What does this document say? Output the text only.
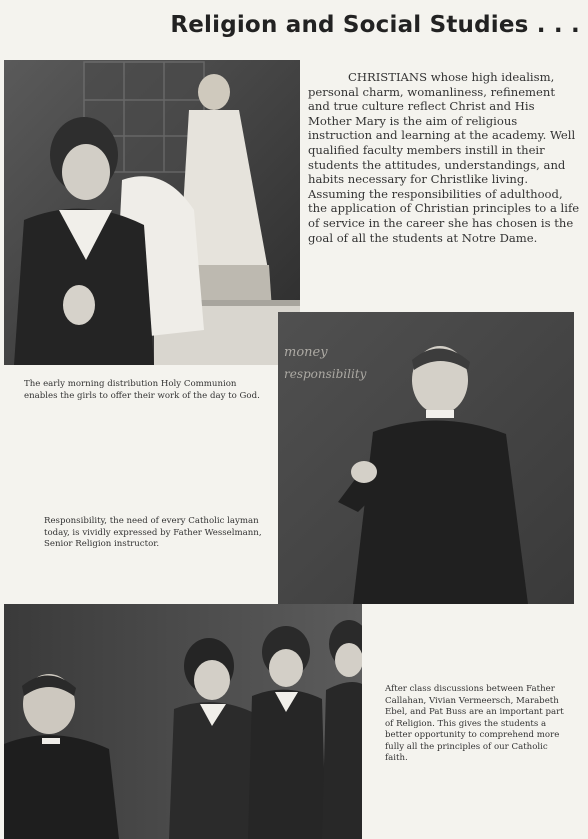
Religion and Social Studies . . .
CHRISTIANS whose high idealism, personal charm, womanliness, refinement and true culture reflect Christ and His Mother Mary is the aim of religious instruction and learning at the academy. Well qualified faculty members instill in their students the attitudes, understandings, and habits necessary for Christlike living. Assuming the responsibilities of adulthood, the application of Christian principles to a life of service in the career she has chosen is the goal of all the students at Notre Dame.
The early morning distribution Holy Communion enables the girls to offer their work of the day to God.
money
responsibility
Responsibility, the need of every Catholic layman today, is vividly expressed by Father Wesselmann, Senior Religion instructor.
After class discussions between Father Callahan, Vivian Vermeersch, Marabeth Ebel, and Pat Buss are an important part of Religion. This gives the students a better opportunity to comprehend more fully all the principles of our Catholic faith.
